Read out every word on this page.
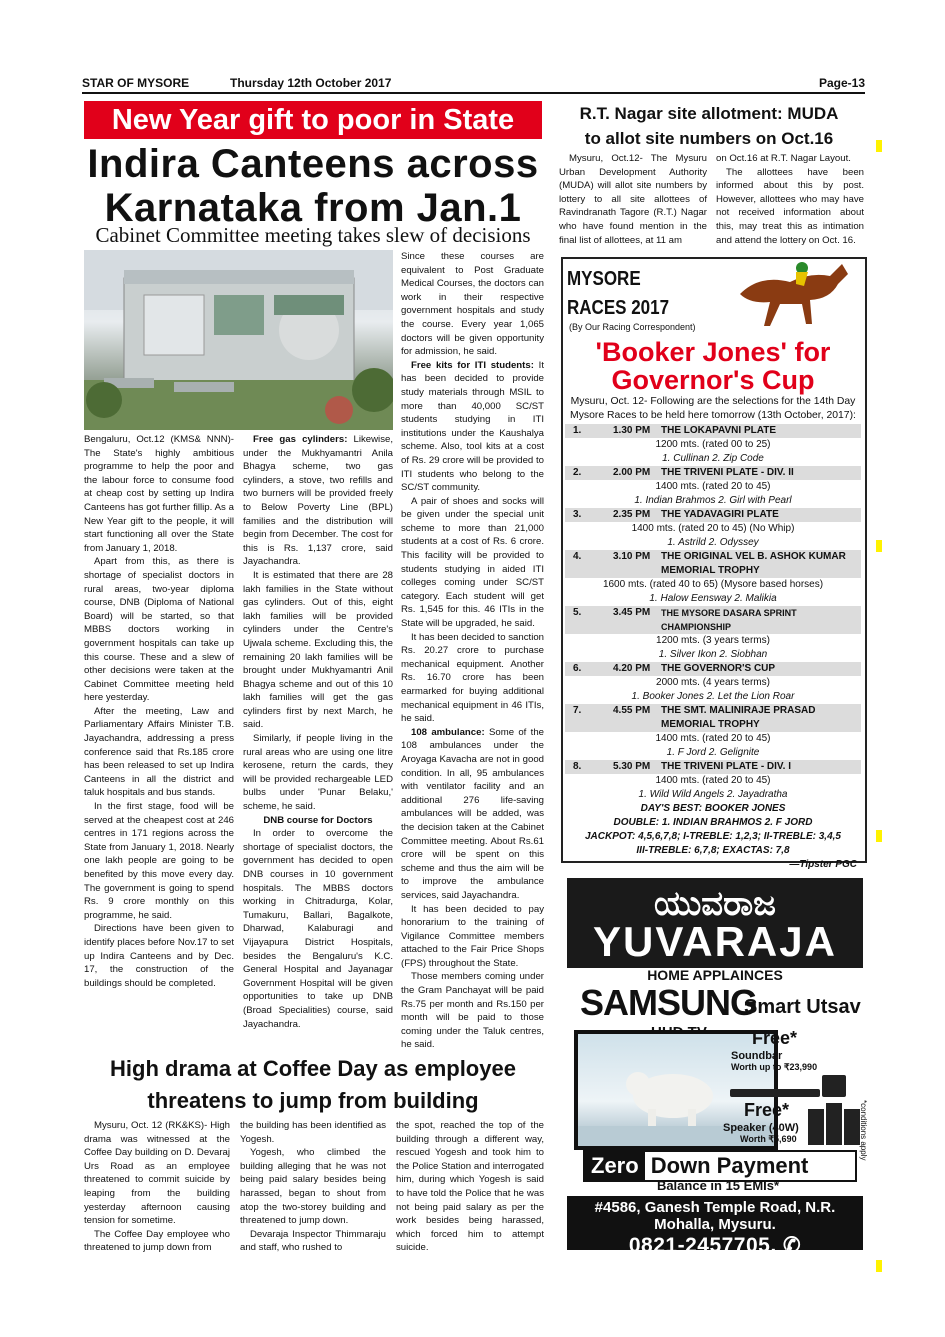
STAR OF MYSORE	Thursday 12th October 2017	Page-13
New Year gift to poor in State
Indira Canteens across
Karnataka from Jan.1
Cabinet Committee meeting takes slew of decisions

Bengaluru, Oct.12 (KMS& NNN)- The State's highly ambitious programme to help the poor and the labour force to consume food at cheap cost by setting up Indira Canteens has got further fillip. As a New Year gift to the people, it will start functioning all over the State from January 1, 2018.

Apart from this, as there is shortage of specialist doctors in rural areas, two-year diploma course, DNB (Diploma of National Board) will be started, so that MBBS doctors working in government hospitals can take up this course. These and a slew of other decisions were taken at the Cabinet Committee meeting held here yesterday.

After the meeting, Law and Parliamentary Affairs Minister T.B. Jayachandra, addressing a press conference said that Rs.185 crore has been released to set up Indira Canteens in all the district and taluk hospitals and bus stands.

In the first stage, food will be served at the cheapest cost at 246 centres in 171 regions across the State from January 1, 2018. Nearly one lakh people are going to be benefited by this move every day. The government is going to spend Rs. 9 crore monthly on this programme, he said.

Directions have been given to identify places before Nov.17 to set up Indira Canteens and by Dec. 17, the construction of the buildings should be completed.

Free gas cylinders: Likewise, under the Mukhyamantri Anila Bhagya scheme, two gas cylinders, a stove, two refills and two burners will be provided freely to Below Poverty Line (BPL) families and the distribution will begin from December. The cost for this is Rs. 1,137 crore, said Jayachandra.

It is estimated that there are 28 lakh families in the State without gas cylinders. Out of this, eight lakh families will be provided cylinders under the Centre's Ujwala scheme. Excluding this, the remaining 20 lakh families will be brought under Mukhyamantri Anil Bhagya scheme and out of this 10 lakh families will get the gas cylinders first by next March, he said.

Similarly, if people living in the rural areas who are using one litre kerosene, return the cards, they will be provided rechargeable LED bulbs under 'Punar Belaku,' scheme, he said.

DNB course for Doctors

In order to overcome the shortage of specialist doctors, the government has decided to open DNB courses in 10 government hospitals. The MBBS doctors working in Chitradurga, Kolar, Tumakuru, Ballari, Bagalkote, Dharwad, Kalaburagi and Vijayapura District Hospitals, besides the Bengaluru's K.C. General Hospital and Jayanagar Government Hospital will be given opportunities to take up DNB (Broad Specialities) course, said Jayachandra.

Since these courses are equivalent to Post Graduate Medical Courses, the doctors can work in their respective government hospitals and study the course. Every year 1,065 doctors will be given opportunity for admission, he said.

Free kits for ITI students: It has been decided to provide study materials through MSIL to more than 40,000 SC/ST students studying in ITI institutions under the Kaushalya scheme. Also, tool kits at a cost of Rs. 29 crore will be provided to ITI students who belong to the SC/ST community.

A pair of shoes and socks will be given under the special unit scheme to more than 21,000 students at a cost of Rs. 6 crore. This facility will be provided to students studying in aided ITI colleges coming under SC/ST category. Each student will get Rs. 1,545 for this. 46 ITIs in the State will be upgraded, he said.

It has been decided to sanction Rs. 20.27 crore to purchase mechanical equipment. Another Rs. 16.70 crore has been earmarked for buying additional mechanical equipment in 46 ITIs, he said.

108 ambulance: Some of the 108 ambulances under the Aroyaga Kavacha are not in good condition. In all, 95 ambulances with ventilator facility and an additional 276 life-saving ambulances will be added, was the decision taken at the Cabinet Committee meeting. About Rs.61 crore will be spent on this scheme and thus the aim will be to improve the ambulance services, said Jayachandra.

It has been decided to pay honorarium to the training of Vigilance Committee members attached to the Fair Price Shops (FPS) throughout the State.

Those members coming under the Gram Panchayat will be paid Rs.75 per month and Rs.150 per month will be paid to those coming under the Taluk centres, he said.

R.T. Nagar site allotment: MUDA
to allot site numbers on Oct.16

Mysuru, Oct.12- The Mysuru Urban Development Authority (MUDA) will allot site numbers by lottery to all site allottees of Ravindranath Tagore (R.T.) Nagar who have found mention in the final list of allottees, at 11 am

on Oct.16 at R.T. Nagar Layout.

The allottees have been informed about this by post. However, allottees who may have not received information about this, may treat this as intimation and attend the lottery on Oct. 16.

MYSORE
RACES 2017
(By Our Racing Correspondent)
'Booker Jones' for
Governor's Cup
Mysuru, Oct. 12- Following are the selections for the 14th Day Mysore Races to be held here tomorrow (13th October, 2017):
1.	1.30 PM	THE LOKAPAVNI PLATE
1200 mts. (rated 00 to 25)
1. Cullinan 2. Zip Code
2.	2.00 PM	THE TRIVENI PLATE - DIV. II
1400 mts. (rated 20 to 45)
1. Indian Brahmos 2. Girl with Pearl
3.	2.35 PM	THE YADAVAGIRI PLATE
1400 mts. (rated 20 to 45) (No Whip)
1. Astrild 2. Odyssey
4.	3.10 PM	THE ORIGINAL VEL B. ASHOK KUMAR
MEMORIAL TROPHY
1600 mts. (rated 40 to 65) (Mysore based horses)
1. Halow Eensway 2. Malikia
5.	3.45 PM	THE MYSORE DASARA SPRINT CHAMPIONSHIP
1200 mts. (3 years terms)
1. Silver Ikon 2. Siobhan
6.	4.20 PM	THE GOVERNOR'S CUP
2000 mts. (4 years terms)
1. Booker Jones 2. Let the Lion Roar
7.	4.55 PM	THE SMT. MALINIRAJE PRASAD
MEMORIAL TROPHY
1400 mts. (rated 20 to 45)
1. F Jord 2. Gelignite
8.	5.30 PM	THE TRIVENI PLATE - DIV. I
1400 mts. (rated 20 to 45)
1. Wild Wild Angels 2. Jayadratha
DAY'S BEST: BOOKER JONES
DOUBLE: 1. INDIAN BRAHMOS 2. F JORD
JACKPOT: 4,5,6,7,8; I-TREBLE: 1,2,3; II-TREBLE: 3,4,5
III-TREBLE: 6,7,8; EXACTAS: 7,8
—Tipster PGC
ಯುವರಾಜ
YUVARAJA
HOME APPLAINCES
SAMSUNG
Smart Utsav
Free*
Soundbar
Worth up to ₹23,990
Free*
Speaker (40W)
Worth ₹5,690	*conditions apply
Zero Down Payment
Balance in 15 EMIs*
#4586, Ganesh Temple Road, N.R. Mohalla, Mysuru.
0821-2457705, ✆ 9448753227
High drama at Coffee Day as employee
threatens to jump from building

Mysuru, Oct. 12 (RK&KS)- High drama was witnessed at the Coffee Day building on D. Devaraj Urs Road as an employee threatened to commit suicide by leaping from the building yesterday afternoon causing tension for sometime.

The Coffee Day employee who threatened to jump down from

the building has been identified as Yogesh.

Yogesh, who climbed the building alleging that he was not being paid salary besides being harassed, began to shout from atop the two-storey building and threatened to jump down.

Devaraja Inspector Thimmaraju and staff, who rushed to

the spot, reached the top of the building through a different way, rescued Yogesh and took him to the Police Station and interrogated him, during which Yogesh is said to have told the Police that he was not being paid salary as per the work besides being harassed, which forced him to attempt suicide.
